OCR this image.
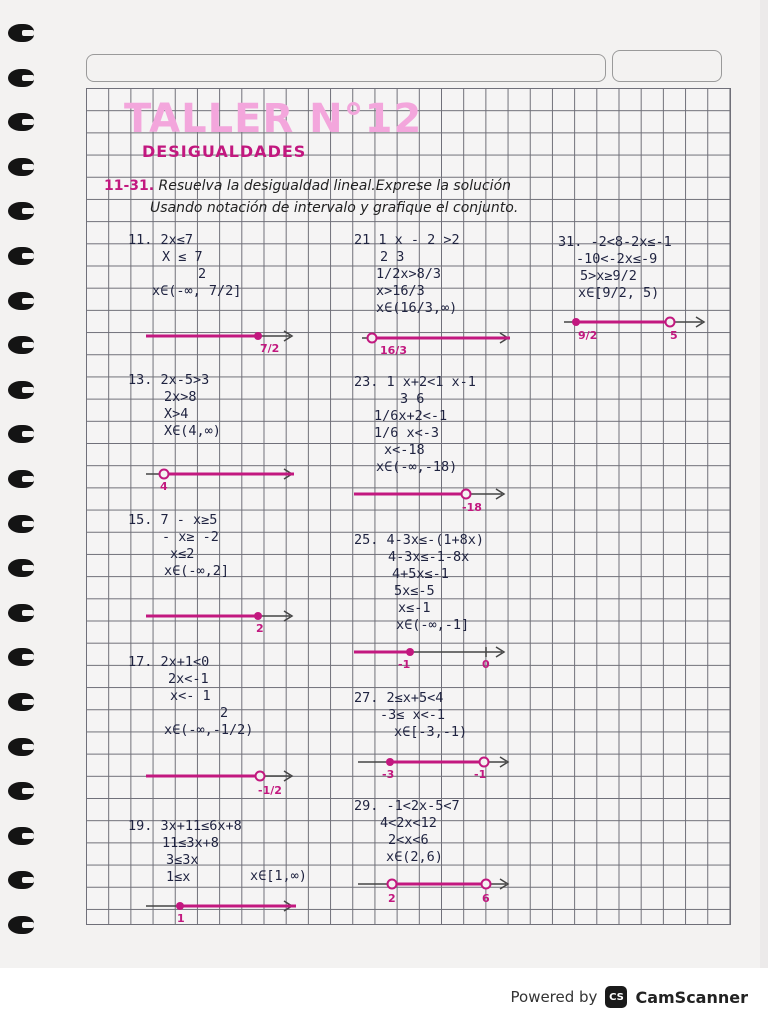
TALLER N°12
DESIGUALDADES
11-31. Resuelva la desigualdad lineal.Exprese la solución
Usando notación de intervalo y grafique el conjunto.
11. 2x≤7
X ≤ 7
2
x∈(-∞, 7/2]
7/2
13. 2x-5>3
2x>8
X>4
X∈(4,∞)
4
15. 7 - x≥5
- x≥ -2
x≤2
x∈(-∞,2]
2
17. 2x+1<0
2x<-1
x<- 1
2
x∈(-∞,-1/2)
-1/2
19. 3x+11≤6x+8
11≤3x+8
3≤3x
1≤x	x∈[1,∞)
1
21 1 x - 2 >2
2 3
1/2x>8/3
x>16/3
x∈(16/3,∞)
16/3
23. 1 x+2<1 x-1
3 6
1/6x+2<-1
1/6 x<-3
x<-18
x∈(-∞,-18)
-18
25. 4-3x≤-(1+8x)
4-3x≤-1-8x
4+5x≤-1
5x≤-5
x≤-1
x∈(-∞,-1]
-1	0
27. 2≤x+5<4
-3≤ x<-1
x∈[-3,-1)
-3	-1
29. -1<2x-5<7
4<2x<12
2<x<6
x∈(2,6)
2	6
31. -2<8-2x≤-1
-10<-2x≤-9
5>x≥9/2
x∈[9/2, 5)
9/2	5
Powered by	CS CamScanner
